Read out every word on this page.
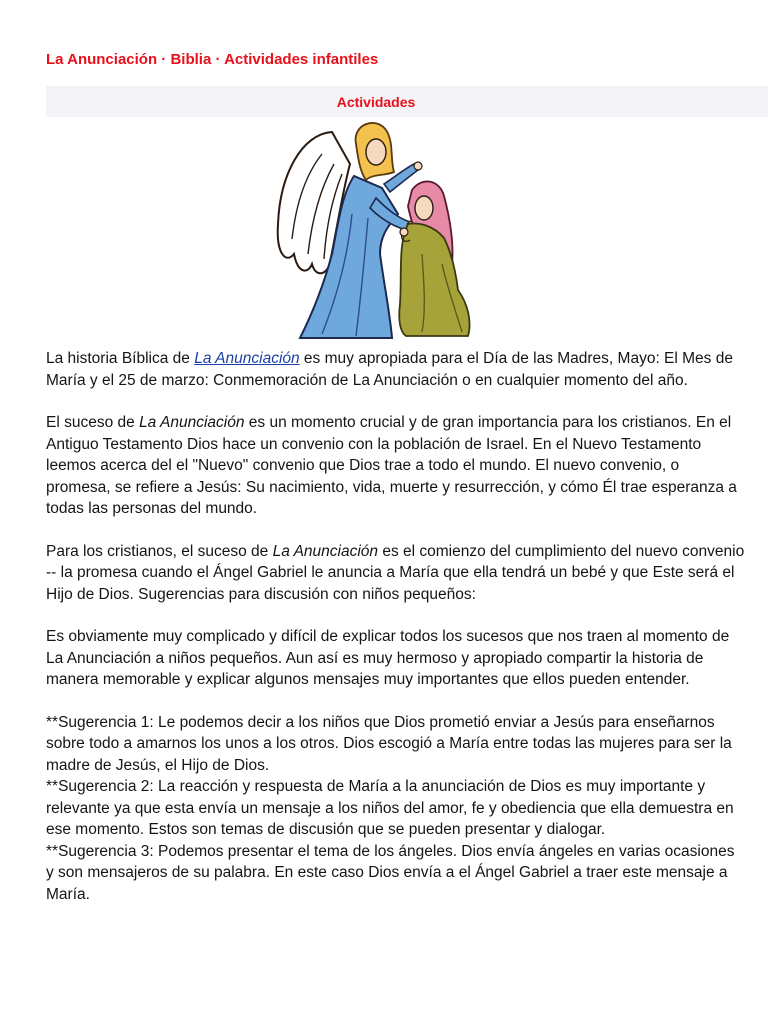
La Anunciación · Biblia · Actividades infantiles
Actividades

La historia Bíblica de La Anunciación es muy apropiada para el Día de las Madres, Mayo: El Mes de María y el 25 de marzo: Conmemoración de La Anunciación o en cualquier momento del año.

El suceso de La Anunciación es un momento crucial y de gran importancia para los cristianos. En el Antiguo Testamento Dios hace un convenio con la población de Israel. En el Nuevo Testamento leemos acerca del el "Nuevo" convenio que Dios trae a todo el mundo. El nuevo convenio, o promesa, se refiere a Jesús: Su nacimiento, vida, muerte y resurrección, y cómo Él trae esperanza a todas las personas del mundo.

Para los cristianos, el suceso de La Anunciación es el comienzo del cumplimiento del nuevo convenio -- la promesa cuando el Ángel Gabriel le anuncia a María que ella tendrá un bebé y que Este será el Hijo de Dios. Sugerencias para discusión con niños pequeños:

Es obviamente muy complicado y difícil de explicar todos los sucesos que nos traen al momento de La Anunciación a niños pequeños. Aun así es muy hermoso y apropiado compartir la historia de manera memorable y explicar algunos mensajes muy importantes que ellos pueden entender.

**Sugerencia 1: Le podemos decir a los niños que Dios prometió enviar a Jesús para enseñarnos sobre todo a amarnos los unos a los otros. Dios escogió a María entre todas las mujeres para ser la madre de Jesús, el Hijo de Dios.

**Sugerencia 2: La reacción y respuesta de María a la anunciación de Dios es muy importante y relevante ya que esta envía un mensaje a los niños del amor, fe y obediencia que ella demuestra en ese momento. Estos son temas de discusión que se pueden presentar y dialogar.

**Sugerencia 3: Podemos presentar el tema de los ángeles. Dios envía ángeles en varias ocasiones y son mensajeros de su palabra. En este caso Dios envía a el Ángel Gabriel a traer este mensaje a María.
